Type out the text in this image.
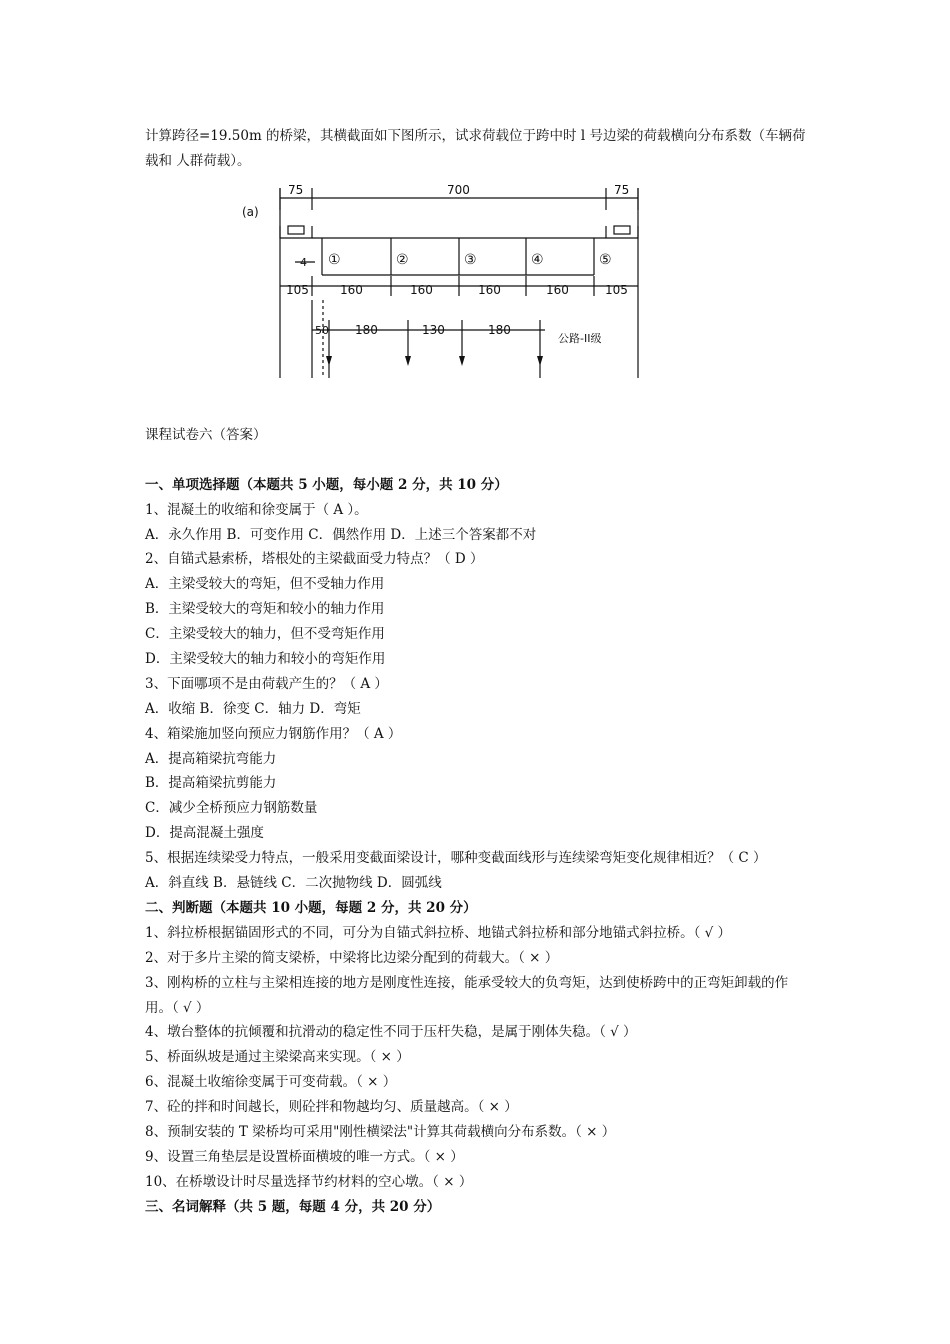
计算跨径=19.50m 的桥梁，其横截面如下图所示，试求荷载位于跨中时 l 号边梁的荷载横向分布系数（车辆荷载和 人群荷载）。
(a)
75	700	75
4 ①	②	③	④	⑤
105	160	160	160	160	105
50 180	130	180
公路-II级
课程试卷六（答案）
一、单项选择题（本题共 5 小题，每小题 2 分，共 10 分）
1、混凝土的收缩和徐变属于（ A ）。
A．永久作用 B．可变作用 C．偶然作用 D．上述三个答案都不对
2、自锚式悬索桥，塔根处的主梁截面受力特点？（ D ）
A．主梁受较大的弯矩，但不受轴力作用
B．主梁受较大的弯矩和较小的轴力作用
C．主梁受较大的轴力，但不受弯矩作用
D．主梁受较大的轴力和较小的弯矩作用
3、下面哪项不是由荷载产生的？（ A ）
A．收缩 B．徐变 C．轴力 D．弯矩
4、箱梁施加竖向预应力钢筋作用？（ A ）
A．提高箱梁抗弯能力
B．提高箱梁抗剪能力
C．减少全桥预应力钢筋数量
D．提高混凝土强度
5、根据连续梁受力特点，一般采用变截面梁设计，哪种变截面线形与连续梁弯矩变化规律相近？（ C ）
A．斜直线 B．悬链线 C．二次抛物线 D．圆弧线
二、判断题（本题共 10 小题，每题 2 分，共 20 分）
1、斜拉桥根据锚固形式的不同，可分为自锚式斜拉桥、地锚式斜拉桥和部分地锚式斜拉桥。（ √ ）
2、对于多片主梁的简支梁桥，中梁将比边梁分配到的荷载大。（ × ）
3、刚构桥的立柱与主梁相连接的地方是刚度性连接，能承受较大的负弯矩，达到使桥跨中的正弯矩卸载的作用。（ √ ）
4、墩台整体的抗倾覆和抗滑动的稳定性不同于压杆失稳，是属于刚体失稳。（ √ ）
5、桥面纵坡是通过主梁梁高来实现。（ × ）
6、混凝土收缩徐变属于可变荷载。（ × ）
7、砼的拌和时间越长，则砼拌和物越均匀、质量越高。（ × ）
8、预制安装的 T 梁桥均可采用"刚性横梁法"计算其荷载横向分布系数。（ × ）
9、设置三角垫层是设置桥面横坡的唯一方式。（ × ）
10、在桥墩设计时尽量选择节约材料的空心墩。（ × ）
三、名词解释（共 5 题，每题 4 分，共 20 分）
